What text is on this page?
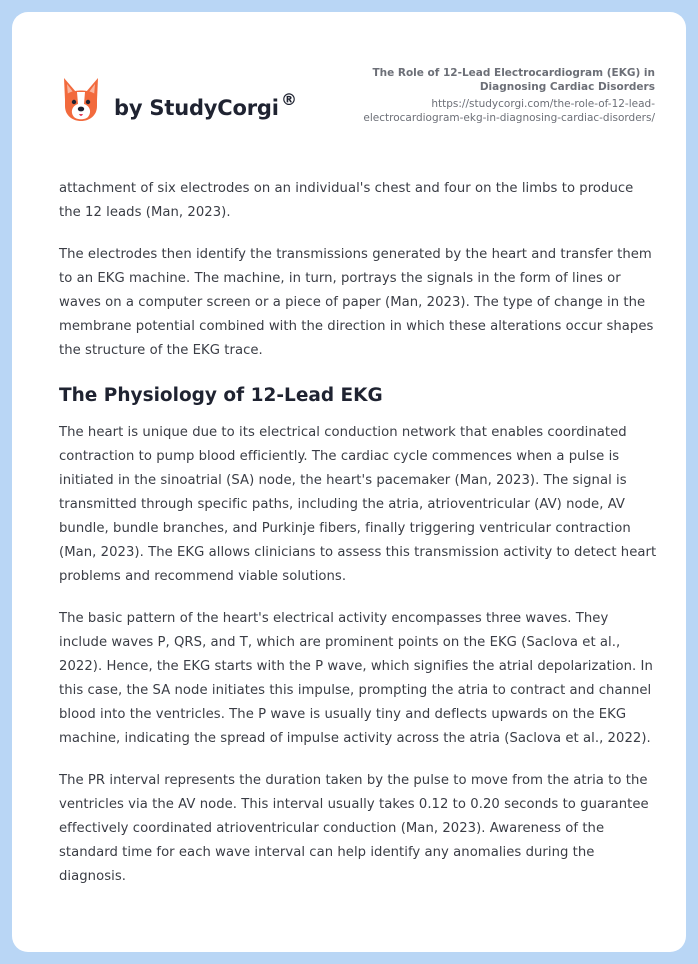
by StudyCorgi ®
The Role of 12-Lead Electrocardiogram (EKG) in Diagnosing Cardiac Disorders
https://studycorgi.com/the-role-of-12-lead-
electrocardiogram-ekg-in-diagnosing-cardiac-disorders/

attachment of six electrodes on an individual's chest and four on the limbs to produce the 12 leads (Man, 2023).

The electrodes then identify the transmissions generated by the heart and transfer them to an EKG machine. The machine, in turn, portrays the signals in the form of lines or waves on a computer screen or a piece of paper (Man, 2023). The type of change in the membrane potential combined with the direction in which these alterations occur shapes the structure of the EKG trace.

The Physiology of 12-Lead EKG

The heart is unique due to its electrical conduction network that enables coordinated contraction to pump blood efficiently. The cardiac cycle commences when a pulse is initiated in the sinoatrial (SA) node, the heart's pacemaker (Man, 2023). The signal is transmitted through specific paths, including the atria, atrioventricular (AV) node, AV bundle, bundle branches, and Purkinje fibers, finally triggering ventricular contraction (Man, 2023). The EKG allows clinicians to assess this transmission activity to detect heart problems and recommend viable solutions.

The basic pattern of the heart's electrical activity encompasses three waves. They include waves P, QRS, and T, which are prominent points on the EKG (Saclova et al., 2022). Hence, the EKG starts with the P wave, which signifies the atrial depolarization. In this case, the SA node initiates this impulse, prompting the atria to contract and channel blood into the ventricles. The P wave is usually tiny and deflects upwards on the EKG machine, indicating the spread of impulse activity across the atria (Saclova et al., 2022).

The PR interval represents the duration taken by the pulse to move from the atria to the ventricles via the AV node. This interval usually takes 0.12 to 0.20 seconds to guarantee effectively coordinated atrioventricular conduction (Man, 2023). Awareness of the standard time for each wave interval can help identify any anomalies during the diagnosis.
